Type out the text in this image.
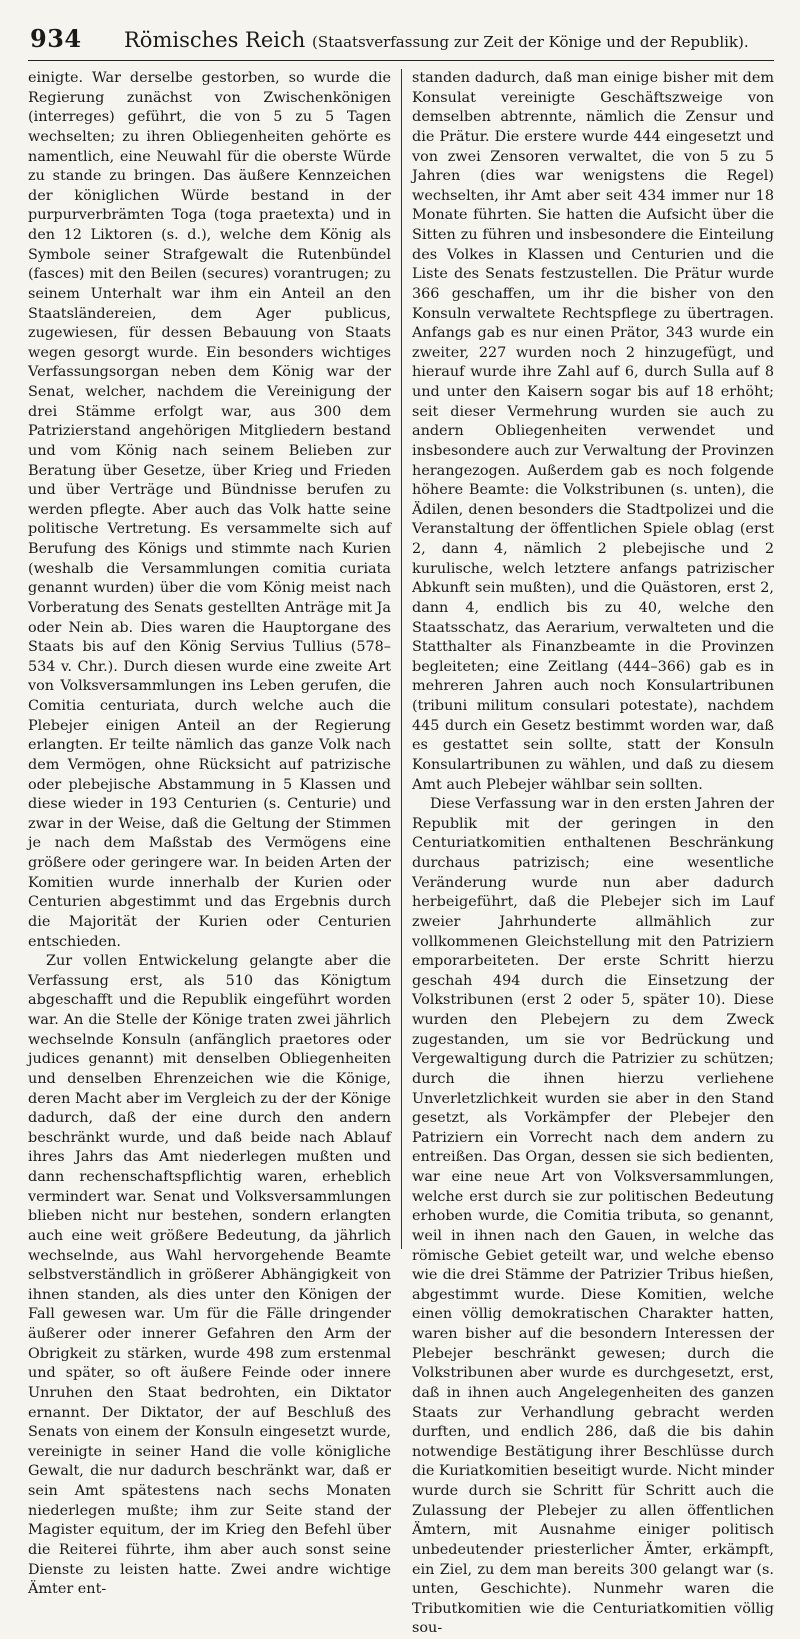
934 Römisches Reich (Staatsverfassung zur Zeit der Könige und der Republik).

einigte. War derselbe gestorben, so wurde die Regierung zunächst von Zwischenkönigen (interreges) geführt, die von 5 zu 5 Tagen wechselten; zu ihren Obliegenheiten gehörte es namentlich, eine Neuwahl für die oberste Würde zu stande zu bringen. Das äußere Kennzeichen der königlichen Würde bestand in der purpurverbrämten Toga (toga praetexta) und in den 12 Liktoren (s. d.), welche dem König als Symbole seiner Strafgewalt die Rutenbündel (fasces) mit den Beilen (secures) vorantrugen; zu seinem Unterhalt war ihm ein Anteil an den Staatsländereien, dem Ager publicus, zugewiesen, für dessen Bebauung von Staats wegen gesorgt wurde. Ein besonders wichtiges Verfassungsorgan neben dem König war der Senat, welcher, nachdem die Vereinigung der drei Stämme erfolgt war, aus 300 dem Patrizierstand angehörigen Mitgliedern bestand und vom König nach seinem Belieben zur Beratung über Gesetze, über Krieg und Frieden und über Verträge und Bündnisse berufen zu werden pflegte. Aber auch das Volk hatte seine politische Vertretung. Es versammelte sich auf Berufung des Königs und stimmte nach Kurien (weshalb die Versammlungen comitia curiata genannt wurden) über die vom König meist nach Vorberatung des Senats gestellten Anträge mit Ja oder Nein ab. Dies waren die Hauptorgane des Staats bis auf den König Servius Tullius (578–534 v. Chr.). Durch diesen wurde eine zweite Art von Volksversammlungen ins Leben gerufen, die Comitia centuriata, durch welche auch die Plebejer einigen Anteil an der Regierung erlangten. Er teilte nämlich das ganze Volk nach dem Vermögen, ohne Rücksicht auf patrizische oder plebejische Abstammung in 5 Klassen und diese wieder in 193 Centurien (s. Centurie) und zwar in der Weise, daß die Geltung der Stimmen je nach dem Maßstab des Vermögens eine größere oder geringere war. In beiden Arten der Komitien wurde innerhalb der Kurien oder Centurien abgestimmt und das Ergebnis durch die Majorität der Kurien oder Centurien entschieden.

Zur vollen Entwickelung gelangte aber die Verfassung erst, als 510 das Königtum abgeschafft und die Republik eingeführt worden war. An die Stelle der Könige traten zwei jährlich wechselnde Konsuln (anfänglich praetores oder judices genannt) mit denselben Obliegenheiten und denselben Ehrenzeichen wie die Könige, deren Macht aber im Vergleich zu der der Könige dadurch, daß der eine durch den andern beschränkt wurde, und daß beide nach Ablauf ihres Jahrs das Amt niederlegen mußten und dann rechenschaftspflichtig waren, erheblich vermindert war. Senat und Volksversammlungen blieben nicht nur bestehen, sondern erlangten auch eine weit größere Bedeutung, da jährlich wechselnde, aus Wahl hervorgehende Beamte selbstverständlich in größerer Abhängigkeit von ihnen standen, als dies unter den Königen der Fall gewesen war. Um für die Fälle dringender äußerer oder innerer Gefahren den Arm der Obrigkeit zu stärken, wurde 498 zum erstenmal und später, so oft äußere Feinde oder innere Unruhen den Staat bedrohten, ein Diktator ernannt. Der Diktator, der auf Beschluß des Senats von einem der Konsuln eingesetzt wurde, vereinigte in seiner Hand die volle königliche Gewalt, die nur dadurch beschränkt war, daß er sein Amt spätestens nach sechs Monaten niederlegen mußte; ihm zur Seite stand der Magister equitum, der im Krieg den Befehl über die Reiterei führte, ihm aber auch sonst seine Dienste zu leisten hatte. Zwei andre wichtige Ämter ent-

standen dadurch, daß man einige bisher mit dem Konsulat vereinigte Geschäftszweige von demselben abtrennte, nämlich die Zensur und die Prätur. Die erstere wurde 444 eingesetzt und von zwei Zensoren verwaltet, die von 5 zu 5 Jahren (dies war wenigstens die Regel) wechselten, ihr Amt aber seit 434 immer nur 18 Monate führten. Sie hatten die Aufsicht über die Sitten zu führen und insbesondere die Einteilung des Volkes in Klassen und Centurien und die Liste des Senats festzustellen. Die Prätur wurde 366 geschaffen, um ihr die bisher von den Konsuln verwaltete Rechtspflege zu übertragen. Anfangs gab es nur einen Prätor, 343 wurde ein zweiter, 227 wurden noch 2 hinzugefügt, und hierauf wurde ihre Zahl auf 6, durch Sulla auf 8 und unter den Kaisern sogar bis auf 18 erhöht; seit dieser Vermehrung wurden sie auch zu andern Obliegenheiten verwendet und insbesondere auch zur Verwaltung der Provinzen herangezogen. Außerdem gab es noch folgende höhere Beamte: die Volkstribunen (s. unten), die Ädilen, denen besonders die Stadtpolizei und die Veranstaltung der öffentlichen Spiele oblag (erst 2, dann 4, nämlich 2 plebejische und 2 kurulische, welch letztere anfangs patrizischer Abkunft sein mußten), und die Quästoren, erst 2, dann 4, endlich bis zu 40, welche den Staatsschatz, das Aerarium, verwalteten und die Statthalter als Finanzbeamte in die Provinzen begleiteten; eine Zeitlang (444–366) gab es in mehreren Jahren auch noch Konsulartribunen (tribuni militum consulari potestate), nachdem 445 durch ein Gesetz bestimmt worden war, daß es gestattet sein sollte, statt der Konsuln Konsulartribunen zu wählen, und daß zu diesem Amt auch Plebejer wählbar sein sollten.

Diese Verfassung war in den ersten Jahren der Republik mit der geringen in den Centuriatkomitien enthaltenen Beschränkung durchaus patrizisch; eine wesentliche Veränderung wurde nun aber dadurch herbeigeführt, daß die Plebejer sich im Lauf zweier Jahrhunderte allmählich zur vollkommenen Gleichstellung mit den Patriziern emporarbeiteten. Der erste Schritt hierzu geschah 494 durch die Einsetzung der Volkstribunen (erst 2 oder 5, später 10). Diese wurden den Plebejern zu dem Zweck zugestanden, um sie vor Bedrückung und Vergewaltigung durch die Patrizier zu schützen; durch die ihnen hierzu verliehene Unverletzlichkeit wurden sie aber in den Stand gesetzt, als Vorkämpfer der Plebejer den Patriziern ein Vorrecht nach dem andern zu entreißen. Das Organ, dessen sie sich bedienten, war eine neue Art von Volksversammlungen, welche erst durch sie zur politischen Bedeutung erhoben wurde, die Comitia tributa, so genannt, weil in ihnen nach den Gauen, in welche das römische Gebiet geteilt war, und welche ebenso wie die drei Stämme der Patrizier Tribus hießen, abgestimmt wurde. Diese Komitien, welche einen völlig demokratischen Charakter hatten, waren bisher auf die besondern Interessen der Plebejer beschränkt gewesen; durch die Volkstribunen aber wurde es durchgesetzt, erst, daß in ihnen auch Angelegenheiten des ganzen Staats zur Verhandlung gebracht werden durften, und endlich 286, daß die bis dahin notwendige Bestätigung ihrer Beschlüsse durch die Kuriatkomitien beseitigt wurde. Nicht minder wurde durch sie Schritt für Schritt auch die Zulassung der Plebejer zu allen öffentlichen Ämtern, mit Ausnahme einiger politisch unbedeutender priesterlicher Ämter, erkämpft, ein Ziel, zu dem man bereits 300 gelangt war (s. unten, Geschichte). Nunmehr waren die Tributkomitien wie die Centuriatkomitien völlig sou-
